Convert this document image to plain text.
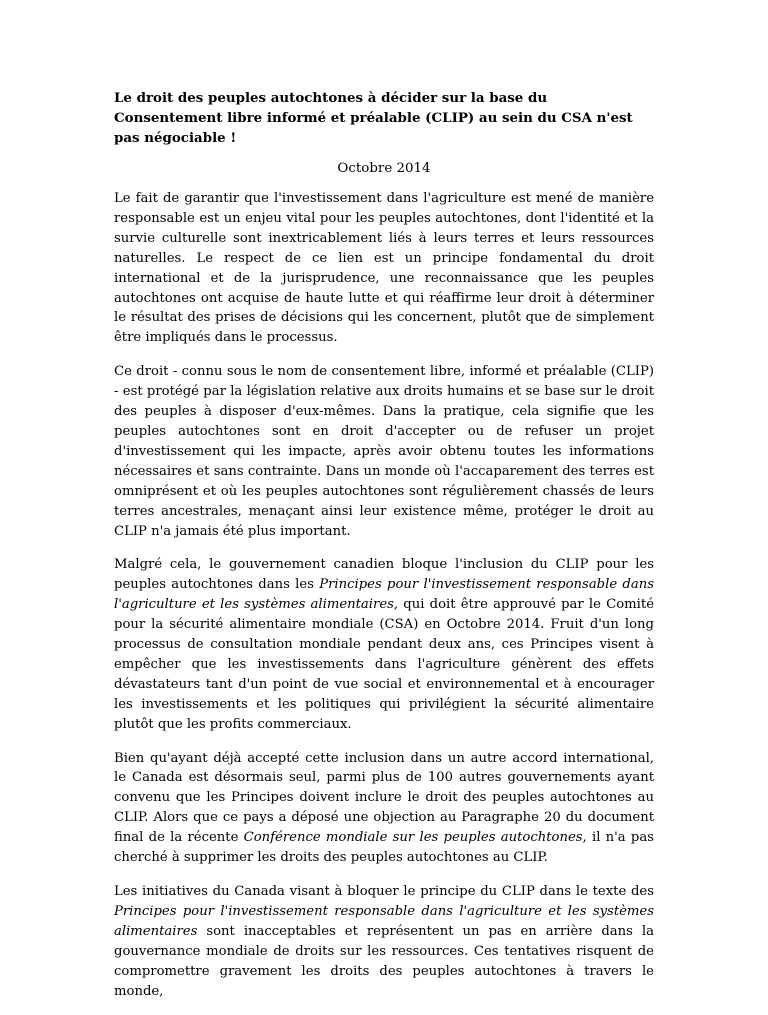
Le droit des peuples autochtones à décider sur la base du Consentement libre informé et préalable (CLIP) au sein du CSA n'est pas négociable !
Octobre 2014

Le fait de garantir que l'investissement dans l'agriculture est mené de manière responsable est un enjeu vital pour les peuples autochtones, dont l'identité et la survie culturelle sont inextricablement liés à leurs terres et leurs ressources naturelles. Le respect de ce lien est un principe fondamental du droit international et de la jurisprudence, une reconnaissance que les peuples autochtones ont acquise de haute lutte et qui réaffirme leur droit à déterminer le résultat des prises de décisions qui les concernent, plutôt que de simplement être impliqués dans le processus.

Ce droit - connu sous le nom de consentement libre, informé et préalable (CLIP) - est protégé par la législation relative aux droits humains et se base sur le droit des peuples à disposer d'eux-mêmes. Dans la pratique, cela signifie que les peuples autochtones sont en droit d'accepter ou de refuser un projet d'investissement qui les impacte, après avoir obtenu toutes les informations nécessaires et sans contrainte. Dans un monde où l'accaparement des terres est omniprésent et où les peuples autochtones sont régulièrement chassés de leurs terres ancestrales, menaçant ainsi leur existence même, protéger le droit au CLIP n'a jamais été plus important.

Malgré cela, le gouvernement canadien bloque l'inclusion du CLIP pour les peuples autochtones dans les Principes pour l'investissement responsable dans l'agriculture et les systèmes alimentaires, qui doit être approuvé par le Comité pour la sécurité alimentaire mondiale (CSA) en Octobre 2014. Fruit d'un long processus de consultation mondiale pendant deux ans, ces Principes visent à empêcher que les investissements dans l'agriculture génèrent des effets dévastateurs tant d'un point de vue social et environnemental et à encourager les investissements et les politiques qui privilégient la sécurité alimentaire plutôt que les profits commerciaux.

Bien qu'ayant déjà accepté cette inclusion dans un autre accord international, le Canada est désormais seul, parmi plus de 100 autres gouvernements ayant convenu que les Principes doivent inclure le droit des peuples autochtones au CLIP. Alors que ce pays a déposé une objection au Paragraphe 20 du document final de la récente Conférence mondiale sur les peuples autochtones, il n'a pas cherché à supprimer les droits des peuples autochtones au CLIP.

Les initiatives du Canada visant à bloquer le principe du CLIP dans le texte des Principes pour l'investissement responsable dans l'agriculture et les systèmes alimentaires sont inacceptables et représentent un pas en arrière dans la gouvernance mondiale de droits sur les ressources. Ces tentatives risquent de compromettre gravement les droits des peuples autochtones à travers le monde,
